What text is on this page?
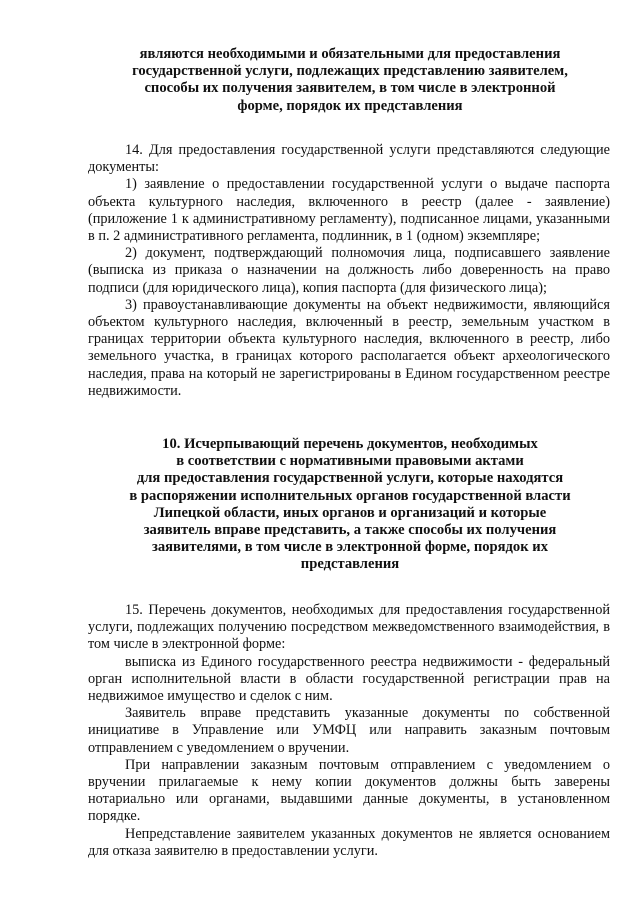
являются необходимыми и обязательными для предоставления
государственной услуги, подлежащих представлению заявителем,
способы их получения заявителем, в том числе в электронной
форме, порядок их представления

14. Для предоставления государственной услуги представляются следующие документы:

1) заявление о предоставлении государственной услуги о выдаче паспорта объекта культурного наследия, включенного в реестр (далее - заявление) (приложение 1 к административному регламенту), подписанное лицами, указанными в п. 2 административного регламента, подлинник, в 1 (одном) экземпляре;

2) документ, подтверждающий полномочия лица, подписавшего заявление (выписка из приказа о назначении на должность либо доверенность на право подписи (для юридического лица), копия паспорта (для физического лица);

3) правоустанавливающие документы на объект недвижимости, являющийся объектом культурного наследия, включенный в реестр, земельным участком в границах территории объекта культурного наследия, включенного в реестр, либо земельного участка, в границах которого располагается объект археологического наследия, права на который не зарегистрированы в Едином государственном реестре недвижимости.

10. Исчерпывающий перечень документов, необходимых
в соответствии с нормативными правовыми актами
для предоставления государственной услуги, которые находятся
в распоряжении исполнительных органов государственной власти
Липецкой области, иных органов и организаций и которые
заявитель вправе представить, а также способы их получения
заявителями, в том числе в электронной форме, порядок их
представления

15. Перечень документов, необходимых для предоставления государственной услуги, подлежащих получению посредством межведомственного взаимодействия, в том числе в электронной форме:

выписка из Единого государственного реестра недвижимости - федеральный орган исполнительной власти в области государственной регистрации прав на недвижимое имущество и сделок с ним.

Заявитель вправе представить указанные документы по собственной инициативе в Управление или УМФЦ или направить заказным почтовым отправлением с уведомлением о вручении.

При направлении заказным почтовым отправлением с уведомлением о вручении прилагаемые к нему копии документов должны быть заверены нотариально или органами, выдавшими данные документы, в установленном порядке.

Непредставление заявителем указанных документов не является основанием для отказа заявителю в предоставлении услуги.
